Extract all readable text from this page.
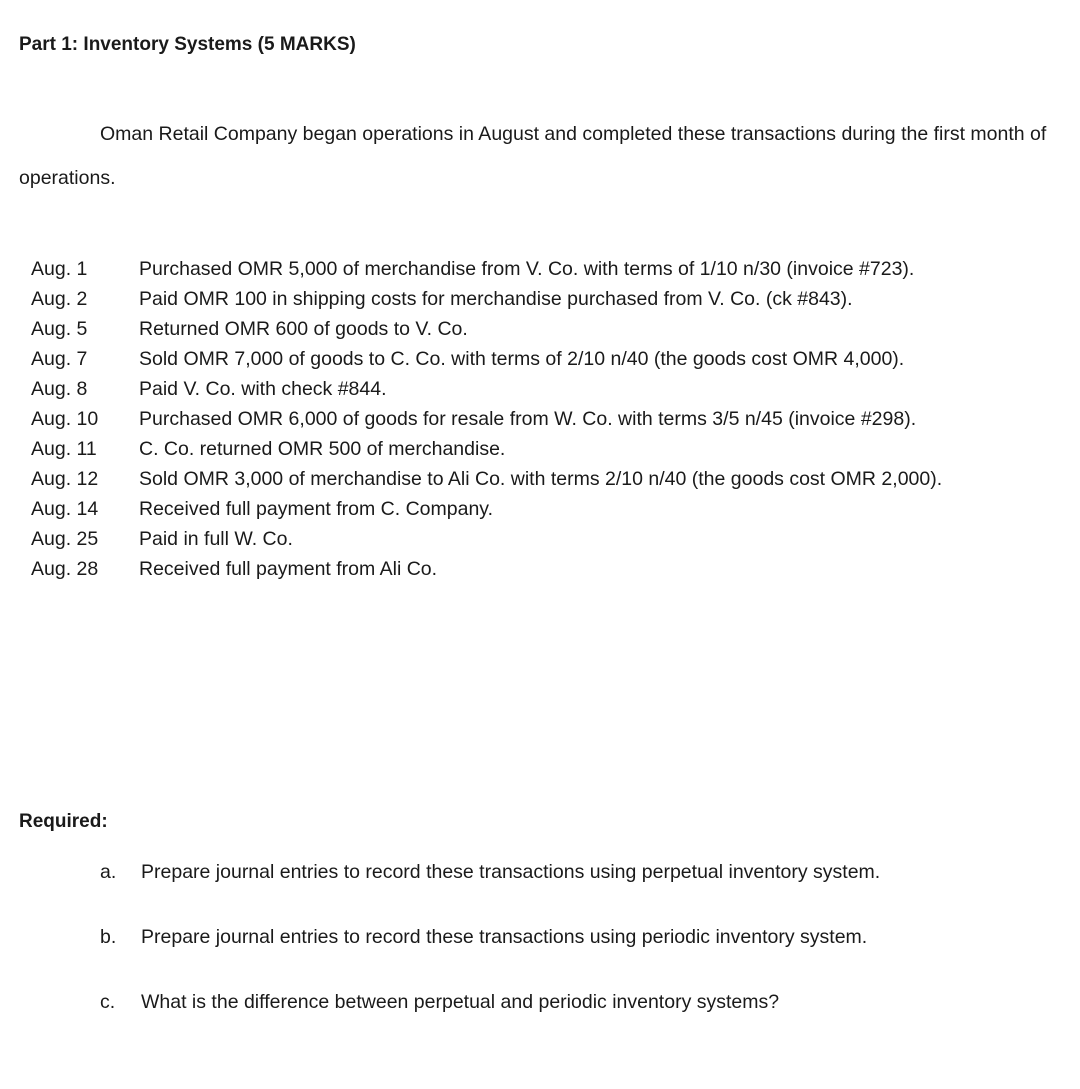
Part 1: Inventory Systems (5 MARKS)
Oman Retail Company began operations in August and completed these transactions during the first month of operations.
Aug. 1	Purchased OMR 5,000 of merchandise from V. Co. with terms of 1/10 n/30 (invoice #723).
Aug. 2	Paid OMR 100 in shipping costs for merchandise purchased from V. Co. (ck #843).
Aug. 5	Returned OMR 600 of goods to V. Co.
Aug. 7	Sold OMR 7,000 of goods to C. Co. with terms of 2/10 n/40 (the goods cost OMR 4,000).
Aug. 8	Paid V. Co. with check #844.
Aug. 10	Purchased OMR 6,000 of goods for resale from W. Co. with terms 3/5 n/45 (invoice #298).
Aug. 11	C. Co. returned OMR 500 of merchandise.
Aug. 12	Sold OMR 3,000 of merchandise to Ali Co. with terms 2/10 n/40 (the goods cost OMR 2,000).
Aug. 14	Received full payment from C. Company.
Aug. 25	Paid in full W. Co.
Aug. 28	Received full payment from Ali Co.
Required:
a.	Prepare journal entries to record these transactions using perpetual inventory system.
b.	Prepare journal entries to record these transactions using periodic inventory system.
c.	What is the difference between perpetual and periodic inventory systems?
